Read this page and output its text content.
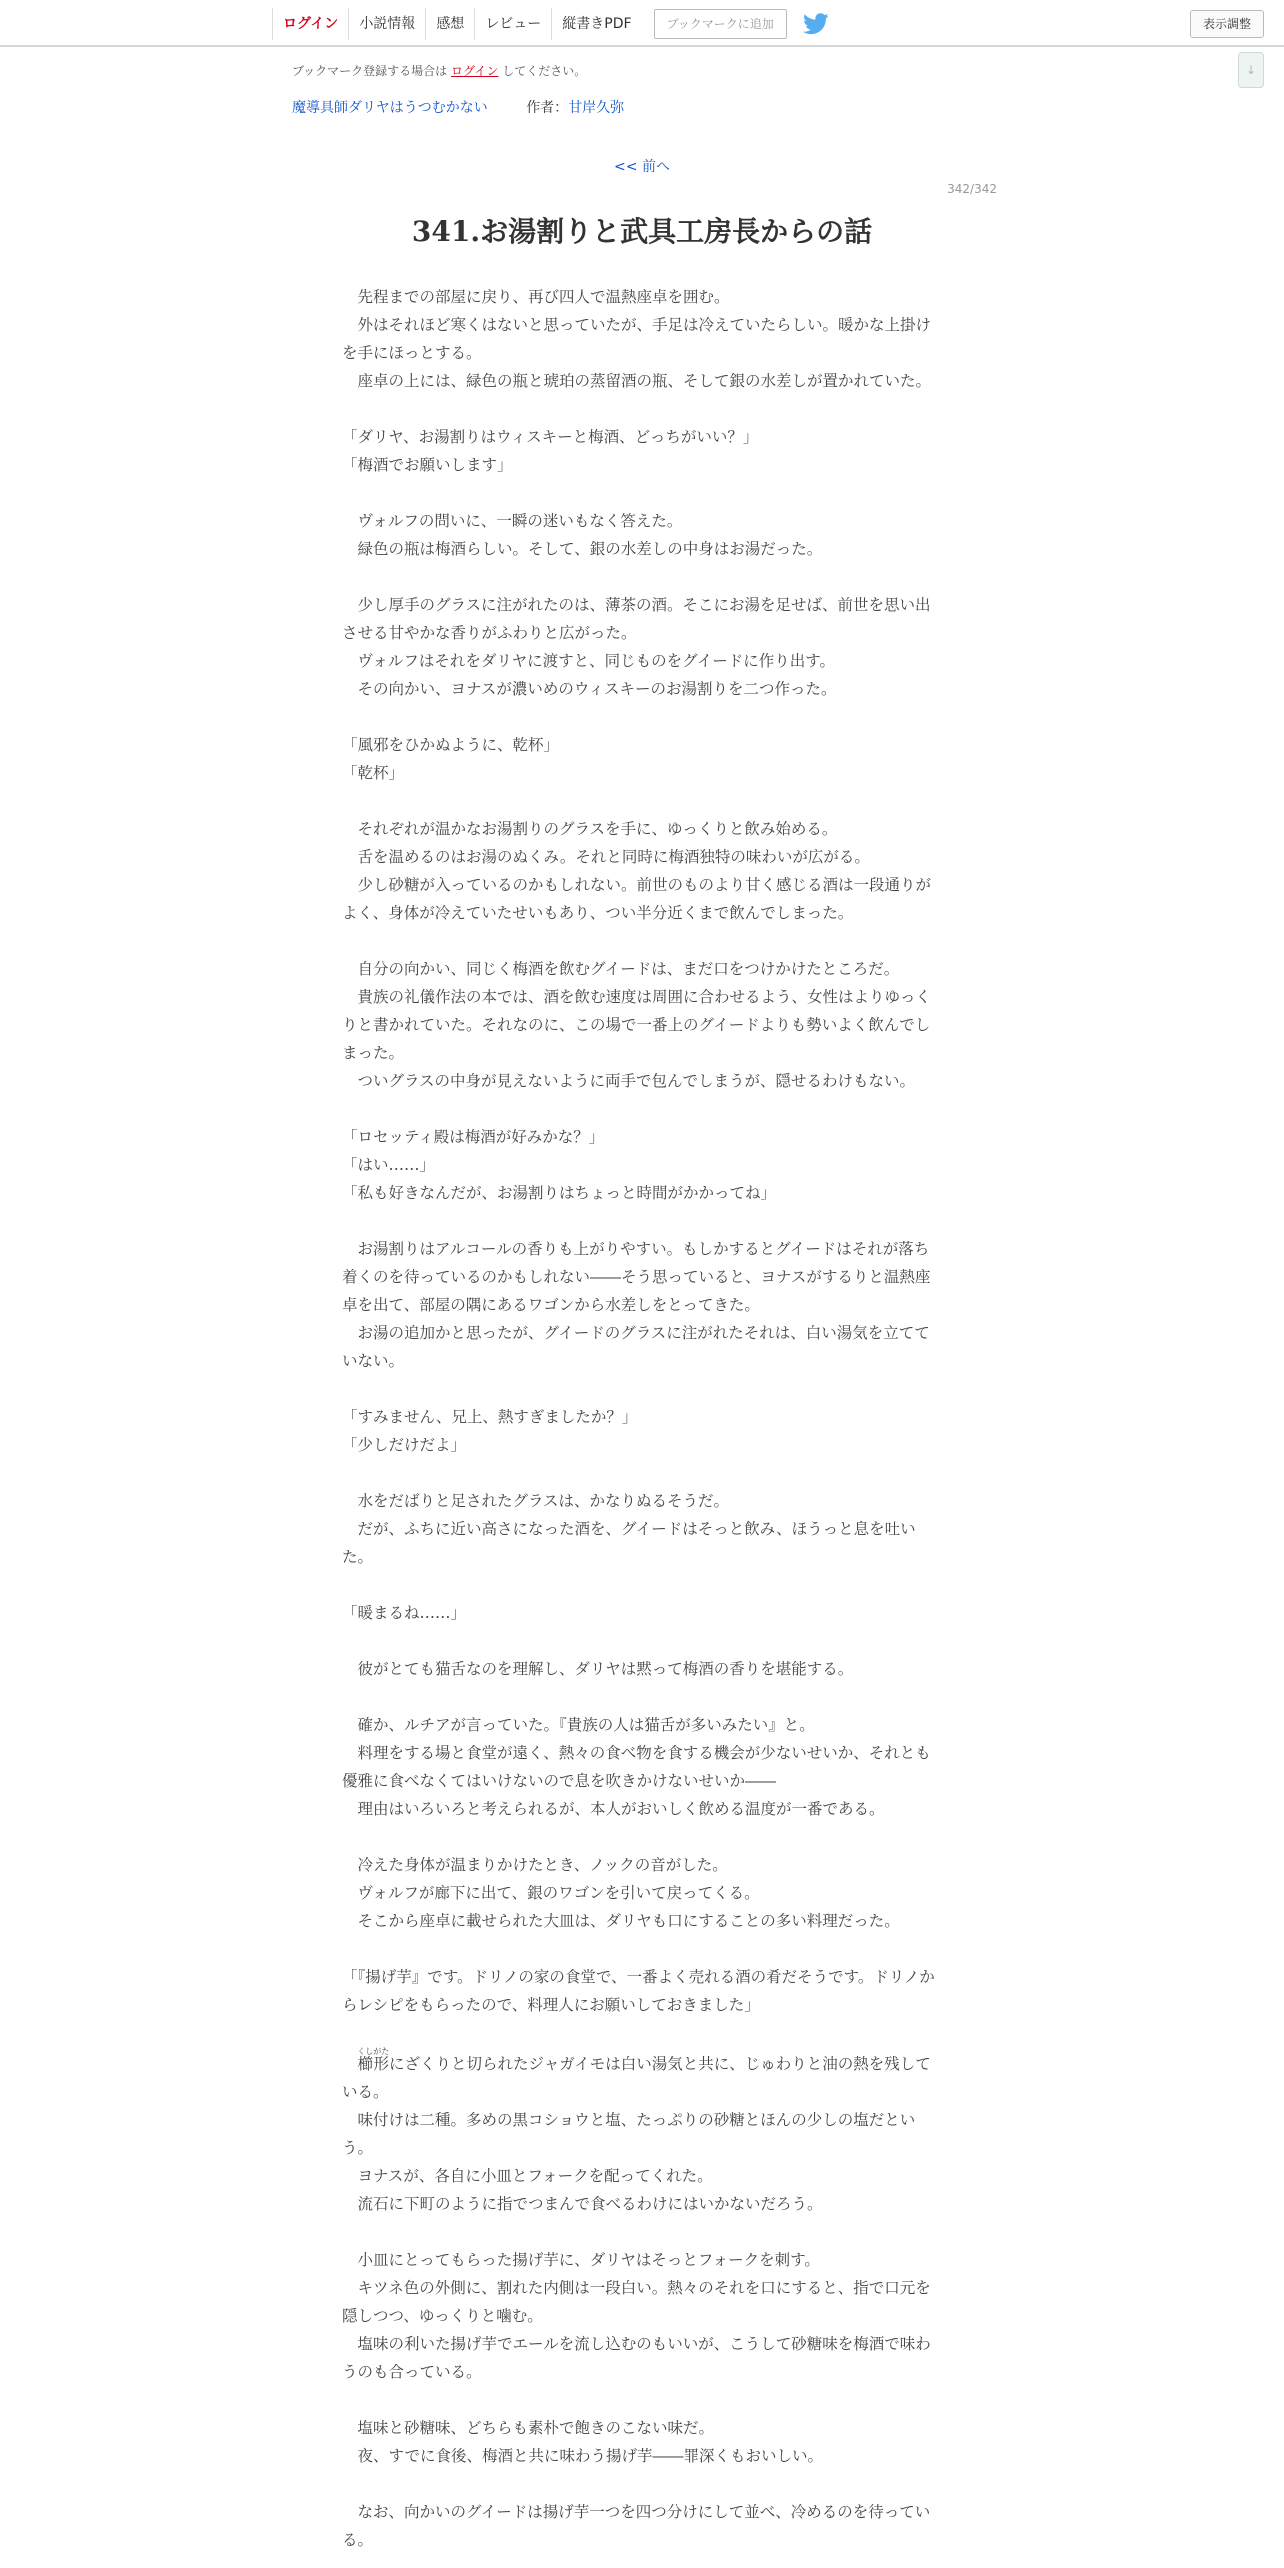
ログイン	小説情報	感想	レビュー	縦書きPDF	ブックマークに追加	表示調整
↓
ブックマーク登録する場合は ログイン してください。
魔導具師ダリヤはうつむかない	作者：甘岸久弥
<< 前へ
342/342
341.お湯割りと武具工房長からの話

　先程までの部屋に戻り、再び四人で温熱座卓を囲む。

　外はそれほど寒くはないと思っていたが、手足は冷えていたらしい。暖かな上掛けを手にほっとする。

　座卓の上には、緑色の瓶と琥珀の蒸留酒の瓶、そして銀の水差しが置かれていた。

「ダリヤ、お湯割りはウィスキーと梅酒、どっちがいい？」

「梅酒でお願いします」

　ヴォルフの問いに、一瞬の迷いもなく答えた。

　緑色の瓶は梅酒らしい。そして、銀の水差しの中身はお湯だった。

　少し厚手のグラスに注がれたのは、薄茶の酒。そこにお湯を足せば、前世を思い出させる甘やかな香りがふわりと広がった。

　ヴォルフはそれをダリヤに渡すと、同じものをグイードに作り出す。

　その向かい、ヨナスが濃いめのウィスキーのお湯割りを二つ作った。

「風邪をひかぬように、乾杯」

「乾杯」

　それぞれが温かなお湯割りのグラスを手に、ゆっくりと飲み始める。

　舌を温めるのはお湯のぬくみ。それと同時に梅酒独特の味わいが広がる。

　少し砂糖が入っているのかもしれない。前世のものより甘く感じる酒は一段通りがよく、身体が冷えていたせいもあり、つい半分近くまで飲んでしまった。

　自分の向かい、同じく梅酒を飲むグイードは、まだ口をつけかけたところだ。

　貴族の礼儀作法の本では、酒を飲む速度は周囲に合わせるよう、女性はよりゆっくりと書かれていた。それなのに、この場で一番上のグイードよりも勢いよく飲んでしまった。

　ついグラスの中身が見えないように両手で包んでしまうが、隠せるわけもない。

「ロセッティ殿は梅酒が好みかな？」

「はい……」

「私も好きなんだが、お湯割りはちょっと時間がかかってね」

　お湯割りはアルコールの香りも上がりやすい。もしかするとグイードはそれが落ち着くのを待っているのかもしれない――そう思っていると、ヨナスがするりと温熱座卓を出て、部屋の隅にあるワゴンから水差しをとってきた。

　お湯の追加かと思ったが、グイードのグラスに注がれたそれは、白い湯気を立てていない。

「すみません、兄上、熱すぎましたか？」

「少しだけだよ」

　水をだばりと足されたグラスは、かなりぬるそうだ。

　だが、ふちに近い高さになった酒を、グイードはそっと飲み、ほうっと息を吐いた。

「暖まるね……」

　彼がとても猫舌なのを理解し、ダリヤは黙って梅酒の香りを堪能する。

　確か、ルチアが言っていた。『貴族の人は猫舌が多いみたい』と。

　料理をする場と食堂が遠く、熱々の食べ物を食する機会が少ないせいか、それとも優雅に食べなくてはいけないので息を吹きかけないせいか――

　理由はいろいろと考えられるが、本人がおいしく飲める温度が一番である。

　冷えた身体が温まりかけたとき、ノックの音がした。

　ヴォルフが廊下に出て、銀のワゴンを引いて戻ってくる。

　そこから座卓に載せられた大皿は、ダリヤも口にすることの多い料理だった。

「『揚げ芋』です。ドリノの家の食堂で、一番よく売れる酒の肴だそうです。ドリノからレシピをもらったので、料理人にお願いしておきました」

　櫛形くしがたにざくりと切られたジャガイモは白い湯気と共に、じゅわりと油の熱を残している。

　味付けは二種。多めの黒コショウと塩、たっぷりの砂糖とほんの少しの塩だという。

　ヨナスが、各自に小皿とフォークを配ってくれた。

　流石に下町のように指でつまんで食べるわけにはいかないだろう。

　小皿にとってもらった揚げ芋に、ダリヤはそっとフォークを刺す。

　キツネ色の外側に、割れた内側は一段白い。熱々のそれを口にすると、指で口元を隠しつつ、ゆっくりと噛む。

　塩味の利いた揚げ芋でエールを流し込むのもいいが、こうして砂糖味を梅酒で味わうのも合っている。

　塩味と砂糖味、どちらも素朴で飽きのこない味だ。

　夜、すでに食後、梅酒と共に味わう揚げ芋――罪深くもおいしい。

　なお、向かいのグイードは揚げ芋一つを四つ分けにして並べ、冷めるのを待っている。
